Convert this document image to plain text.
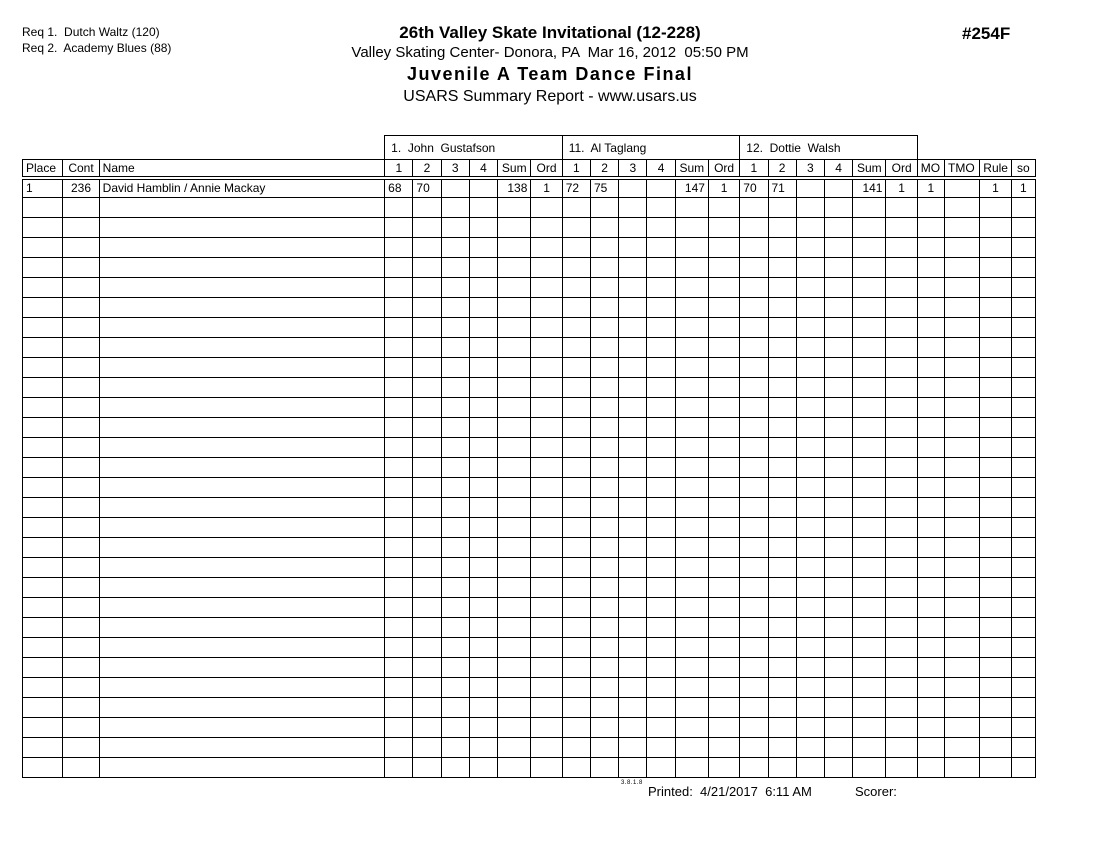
Req 1.  Dutch Waltz (120)
Req 2.  Academy Blues (88)
26th Valley Skate Invitational (12-228)
Valley Skating Center- Donora, PA  Mar 16, 2012  05:50 PM
Juvenile A Team Dance Final
USARS Summary Report - www.usars.us
#254F
			1.  John  Gustafson						11.  Al Taglang						12.  Dottie  Walsh									
Place	Cont	Name	1	2	3	4	Sum	Ord	1	2	3	4	Sum	Ord	1	2	3	4	Sum	Ord	MO	TMO	Rule	so
1	236	David Hamblin / Annie Mackay	68	70			138	1	72	75			147	1	70	71			141	1	1		1	1

3.8.1.8
Printed:  4/21/2017  6:11 AM	Scorer:
